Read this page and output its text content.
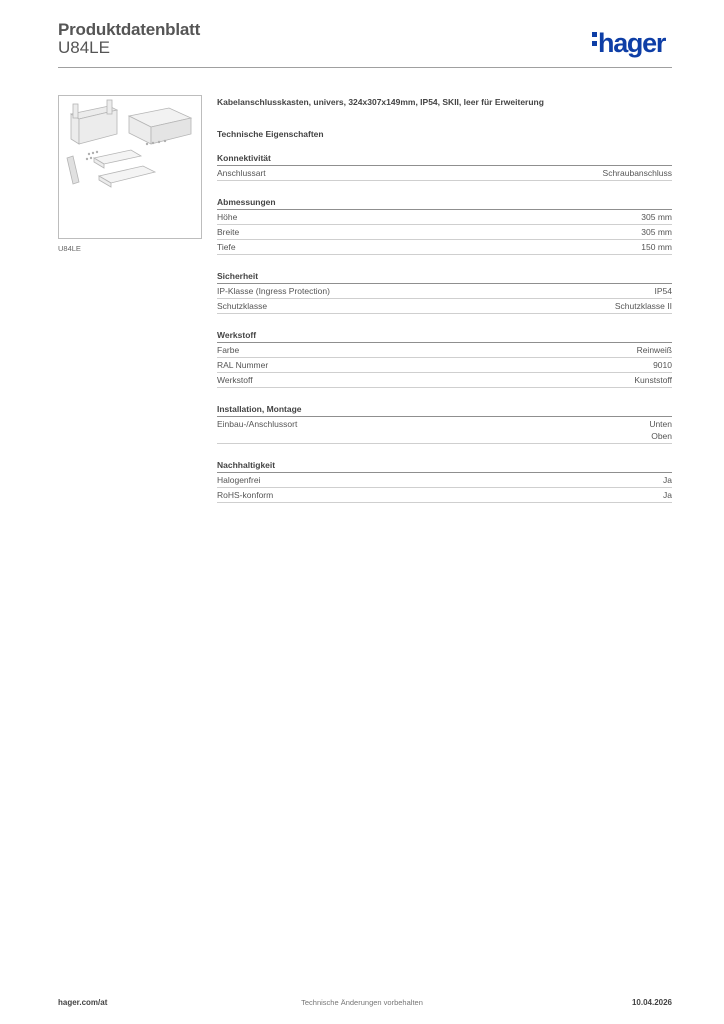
Produktdatenblatt
U84LE	hager
U84LE
Kabelanschlusskasten, univers, 324x307x149mm, IP54, SKII, leer für Erweiterung
Technische Eigenschaften
Konnektivität
Anschlussart	Schraubanschluss
Abmessungen
Höhe	305 mm
Breite	305 mm
Tiefe	150 mm
Sicherheit
IP-Klasse (Ingress Protection)	IP54
Schutzklasse	Schutzklasse II
Werkstoff
Farbe	Reinweiß
RAL Nummer	9010
Werkstoff	Kunststoff
Installation, Montage
Einbau-/Anschlussort	Unten
Oben
Nachhaltigkeit
Halogenfrei	Ja
RoHS-konform	Ja
hager.com/at	Technische Änderungen vorbehalten	10.04.2026
